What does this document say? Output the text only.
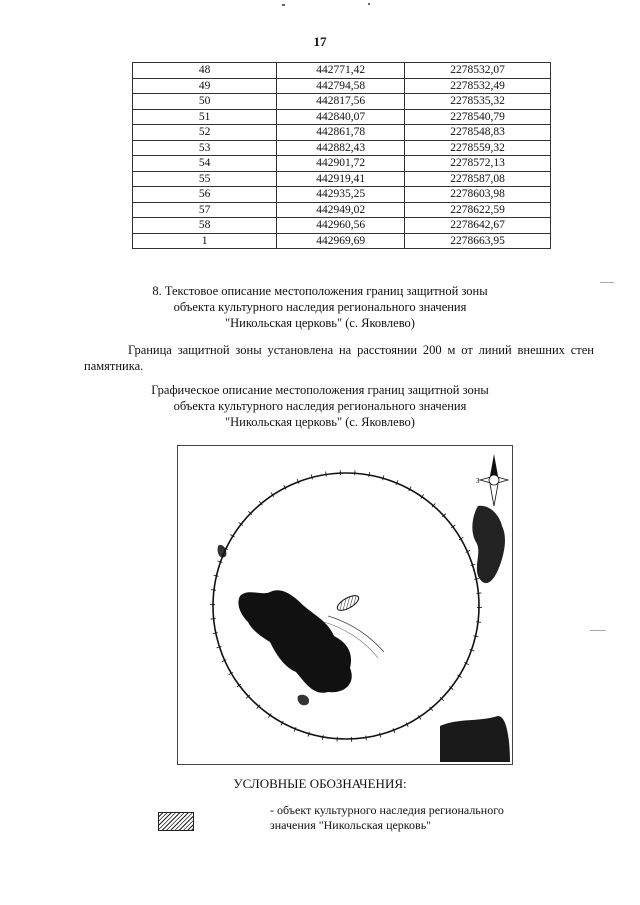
17
48	442771,42	2278532,07
49	442794,58	2278532,49
50	442817,56	2278535,32
51	442840,07	2278540,79
52	442861,78	2278548,83
53	442882,43	2278559,32
54	442901,72	2278572,13
55	442919,41	2278587,08
56	442935,25	2278603,98
57	442949,02	2278622,59
58	442960,56	2278642,67
1	442969,69	2278663,95
8. Текстовое описание местоположения границ защитной зоны
объекта культурного наследия регионального значения
"Никольская церковь" (с. Яковлево)
Граница защитной зоны установлена на расстоянии 200 м от линий внешних стен памятника.
Графическое описание местоположения границ защитной зоны
объекта культурного наследия регионального значения
"Никольская церковь" (с. Яковлево)
З
УСЛОВНЫЕ ОБОЗНАЧЕНИЯ:
- объект культурного наследия регионального
значения "Никольская церковь"
